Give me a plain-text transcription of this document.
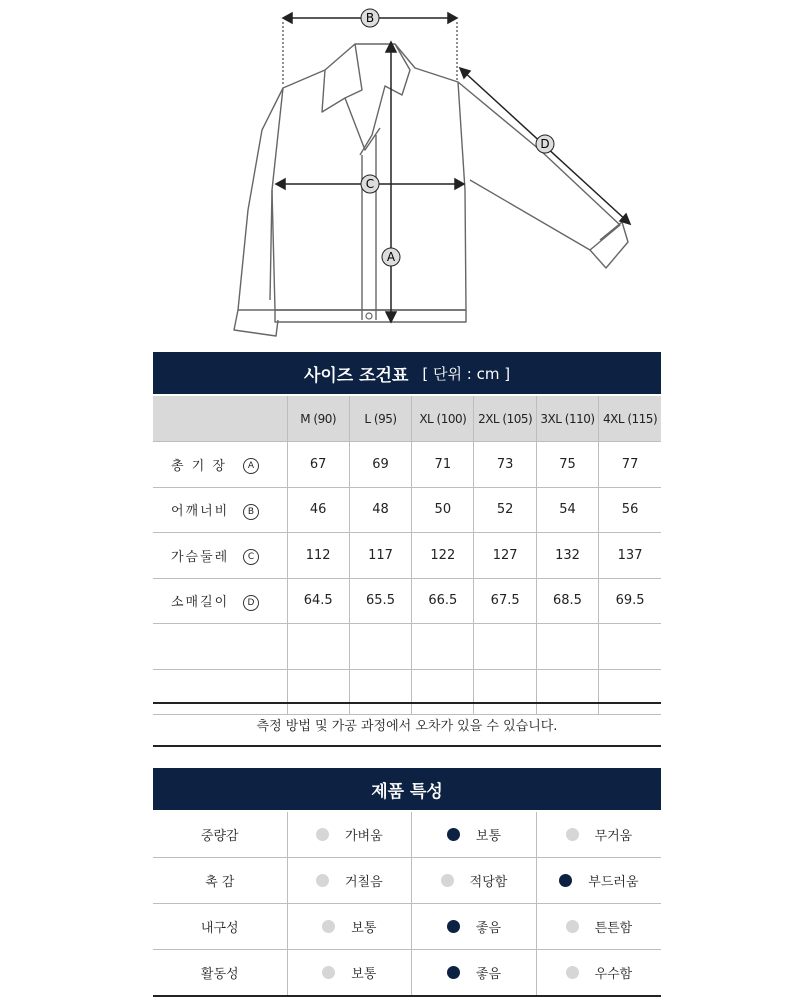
B
C
A
D
사이즈 조건표 [ 단위 : cm ]
	M (90)	L (95)	XL (100)	2XL (105)	3XL (110)	4XL (115)
총 기 장 A	67	69	71	73	75	77
어깨너비 B	46	48	50	52	54	56
가슴둘레 C	112	117	122	127	132	137
소매길이 D	64.5	65.5	66.5	67.5	68.5	69.5

측정 방법 및 가공 과정에서 오차가 있을 수 있습니다.
제품 특성
중량감	가벼움	보통	무거움

촉 감	거칠음	적당함	부드러움

내구성	보통	좋음	튼튼함

활동성	보통	좋음	우수함
